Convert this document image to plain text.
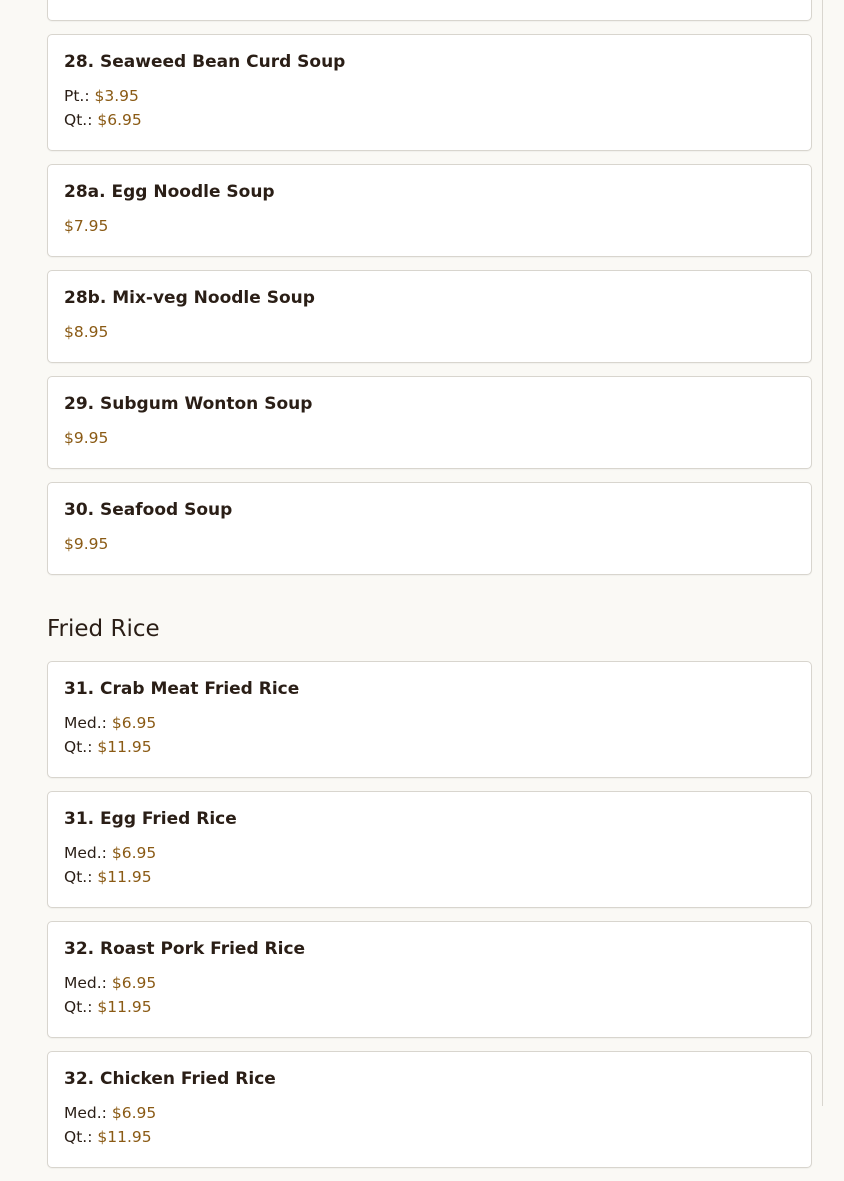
28. Seaweed Bean Curd Soup
Pt.: $3.95
Qt.: $6.95
28a. Egg Noodle Soup
$7.95
28b. Mix-veg Noodle Soup
$8.95
29. Subgum Wonton Soup
$9.95
30. Seafood Soup
$9.95
Fried Rice
31. Crab Meat Fried Rice
Med.: $6.95
Qt.: $11.95
31. Egg Fried Rice
Med.: $6.95
Qt.: $11.95
32. Roast Pork Fried Rice
Med.: $6.95
Qt.: $11.95
32. Chicken Fried Rice
Med.: $6.95
Qt.: $11.95
